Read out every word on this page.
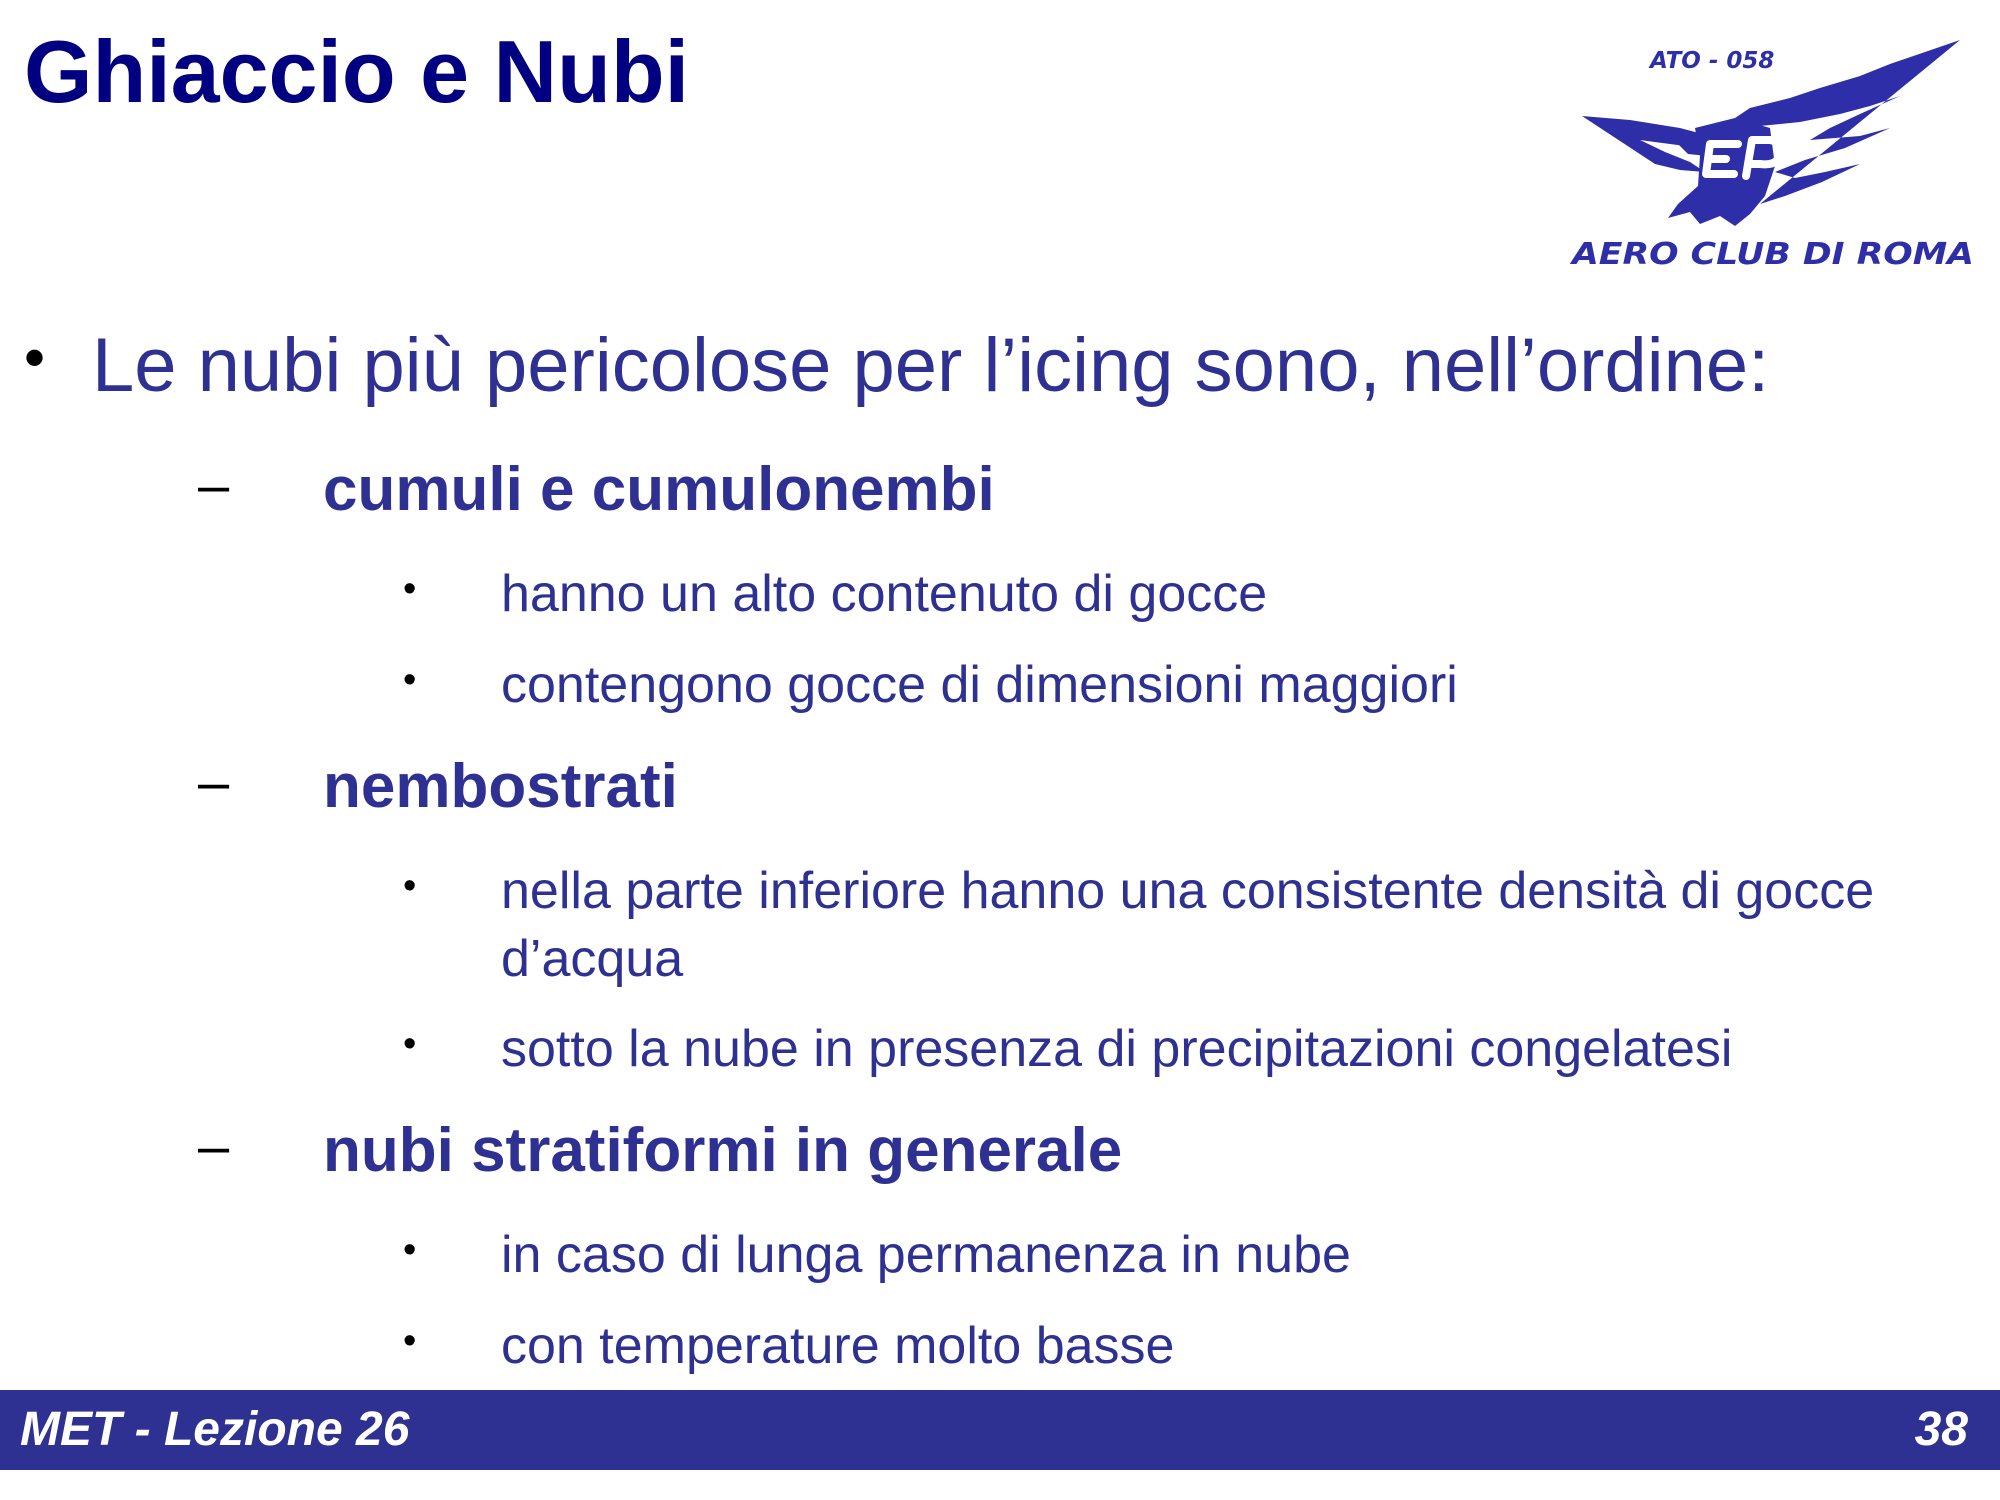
Ghiaccio e Nubi	ATO - 058
AERO CLUB DI ROMA
• Le nubi più pericolose per l’icing sono, nell’ordine:
– cumuli e cumulonembi
• hanno un alto contenuto di gocce
• contengono gocce di dimensioni maggiori
– nembostrati
• nella parte inferiore hanno una consistente densità di gocce
d’acqua
• sotto la nube in presenza di precipitazioni congelatesi
– nubi stratiformi in generale
• in caso di lunga permanenza in nube
• con temperature molto basse
MET - Lezione 26	38
